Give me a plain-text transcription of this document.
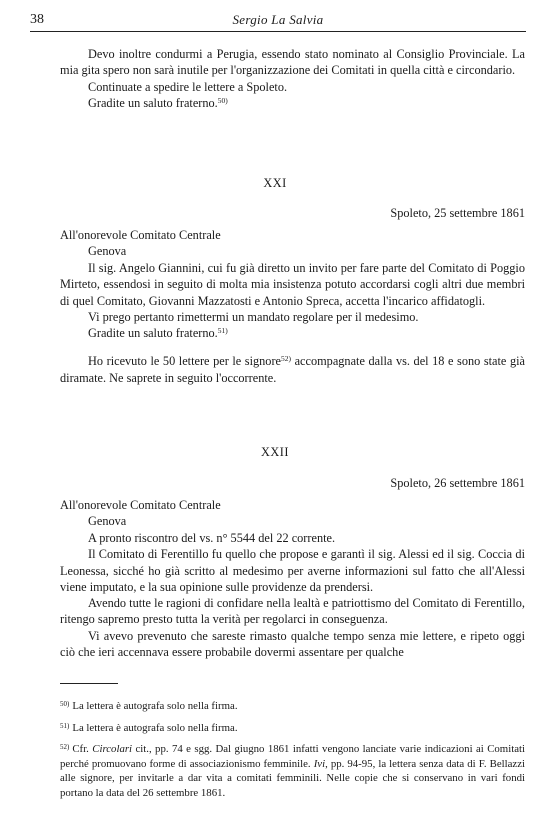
38	Sergio La Salvia

Devo inoltre condurmi a Perugia, essendo stato nominato al Consiglio Provinciale. La mia gita spero non sarà inutile per l'organizzazione dei Comitati in quella città e circondario.

Continuate a spedire le lettere a Spoleto.

Gradite un saluto fraterno.$^{50)}$

XXI
Spoleto, 25 settembre 1861
All'onorevole Comitato Centrale
Genova

Il sig. Angelo Giannini, cui fu già diretto un invito per fare parte del Comitato di Poggio Mirteto, essendosi in seguito di molta mia insistenza potuto accordarsi cogli altri due membri di quel Comitato, Giovanni Mazzatosti e Antonio Spreca, accetta l'incarico affidatogli.

Vi prego pertanto rimettermi un mandato regolare per il medesimo.

Gradite un saluto fraterno.$^{51)}$

Ho ricevuto le 50 lettere per le signore$^{52)}$ accompagnate dalla vs. del 18 e sono state già diramate. Ne saprete in seguito l'occorrente.

XXII
Spoleto, 26 settembre 1861
All'onorevole Comitato Centrale
Genova

A pronto riscontro del vs. n° 5544 del 22 corrente.

Il Comitato di Ferentillo fu quello che propose e garantì il sig. Alessi ed il sig. Coccia di Leonessa, sicché ho già scritto al medesimo per averne informazioni sul fatto che all'Alessi viene imputato, e la sua opinione sulle providenze da prendersi.

Avendo tutte le ragioni di confidare nella lealtà e patriottismo del Comitato di Ferentillo, ritengo sapremo presto tutta la verità per regolarci in conseguenza.

Vi avevo prevenuto che sareste rimasto qualche tempo senza mie lettere, e ripeto oggi ciò che ieri accennava essere probabile dovermi assentare per qualche

$^{50)}$ La lettera è autografa solo nella firma.

$^{51)}$ La lettera è autografa solo nella firma.

$^{52)}$ Cfr. Circolari cit., pp. 74 e sgg. Dal giugno 1861 infatti vengono lanciate varie indicazioni ai Comitati perché promuovano forme di associazionismo femminile. Ivi, pp. 94-95, la lettera senza data di F. Bellazzi alle signore, per invitarle a dar vita a comitati femminili. Nelle copie che si conservano in vari fondi portano la data del 26 settembre 1861.
